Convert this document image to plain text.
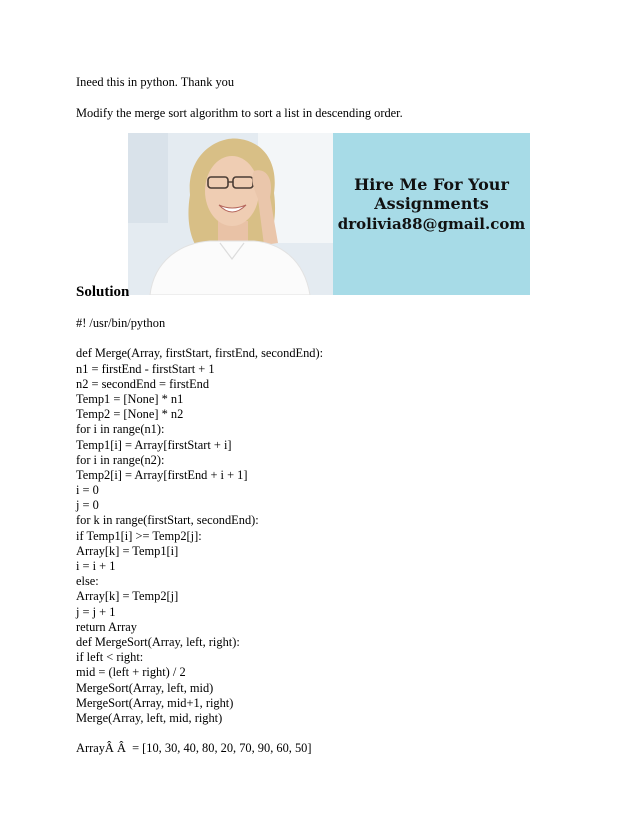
Ineed this in python. Thank you

Modify the merge sort algorithm to sort a list in descending order.

Hire Me For Your
Assignments
drolivia88@gmail.com
Solution
#! /usr/bin/python
def Merge(Array, firstStart, firstEnd, secondEnd):
n1 = firstEnd - firstStart + 1
n2 = secondEnd = firstEnd
Temp1 = [None] * n1
Temp2 = [None] * n2
for i in range(n1):
Temp1[i] = Array[firstStart + i]
for i in range(n2):
Temp2[i] = Array[firstEnd + i + 1]
i = 0
j = 0
for k in range(firstStart, secondEnd):
if Temp1[i] >= Temp2[j]:
Array[k] = Temp1[i]
i = i + 1
else:
Array[k] = Temp2[j]
j = j + 1
return Array
def MergeSort(Array, left, right):
if left < right:
mid = (left + right) / 2
MergeSort(Array, left, mid)
MergeSort(Array, mid+1, right)
Merge(Array, left, mid, right)
ArrayÂ Â  = [10, 30, 40, 80, 20, 70, 90, 60, 50]
